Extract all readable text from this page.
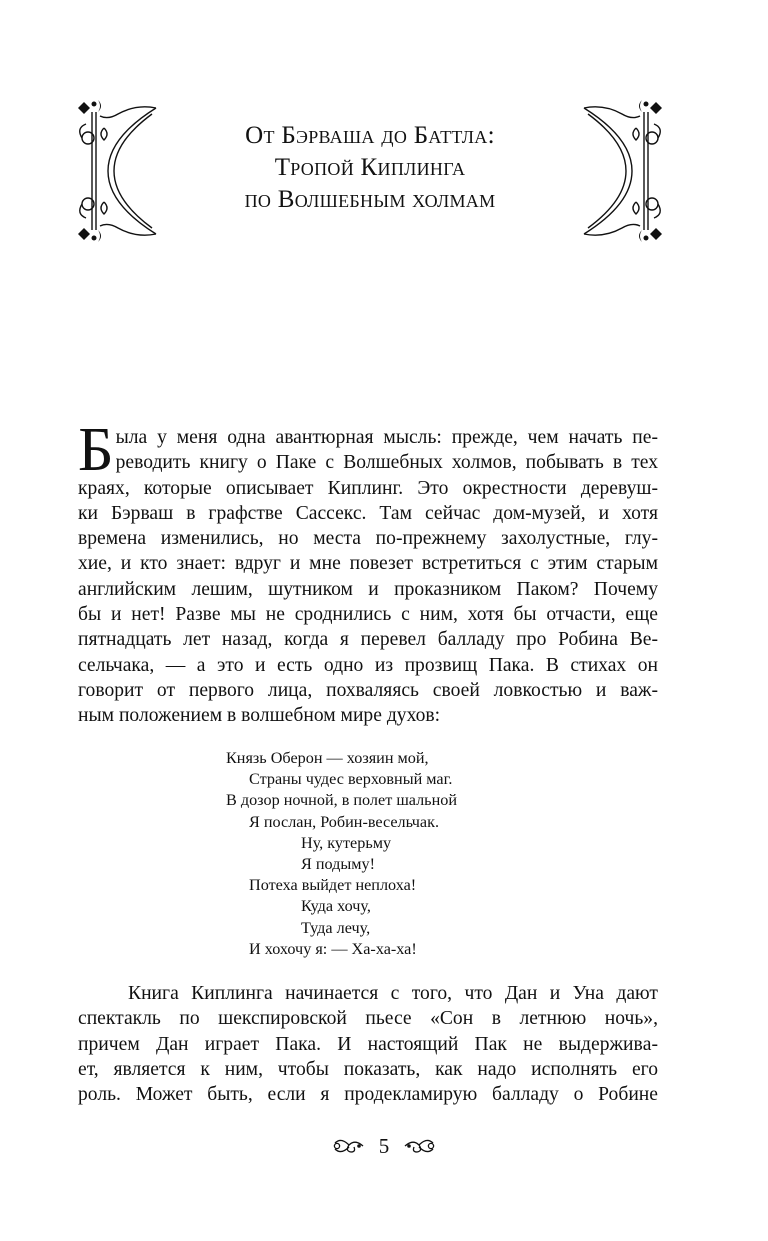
От Бэрваша до Баттла:
Тропой Киплинга
по Волшебным холмам
Б ыла у меня одна авантюрная мысль: прежде, чем начать пе-
реводить книгу о Паке с Волшебных холмов, побывать в тех
краях, которые описывает Киплинг. Это окрестности деревуш-
ки Бэрваш в графстве Сассекс. Там сейчас дом-музей, и хотя
времена изменились, но места по-прежнему захолустные, глу-
хие, и кто знает: вдруг и мне повезет встретиться с этим старым
английским лешим, шутником и проказником Паком? Почему
бы и нет! Разве мы не сроднились с ним, хотя бы отчасти, еще
пятнадцать лет назад, когда я перевел балладу про Робина Ве-
сельчака, — а это и есть одно из прозвищ Пака. В стихах он
говорит от первого лица, похваляясь своей ловкостью и важ-
ным положением в волшебном мире духов:
Князь Оберон — хозяин мой,
Страны чудес верховный маг.
В дозор ночной, в полет шальной
Я послан, Робин-весельчак.
Ну, кутерьму
Я подыму!
Потеха выйдет неплоха!
Куда хочу,
Туда лечу,
И хохочу я: — Ха-ха-ха!
Книга Киплинга начинается с того, что Дан и Уна дают
спектакль по шекспировской пьесе «Сон в летнюю ночь»,
причем Дан играет Пака. И настоящий Пак не выдерживa-
ет, является к ним, чтобы показать, как надо исполнять его
роль. Может быть, если я продекламирую балладу о Робине
5
